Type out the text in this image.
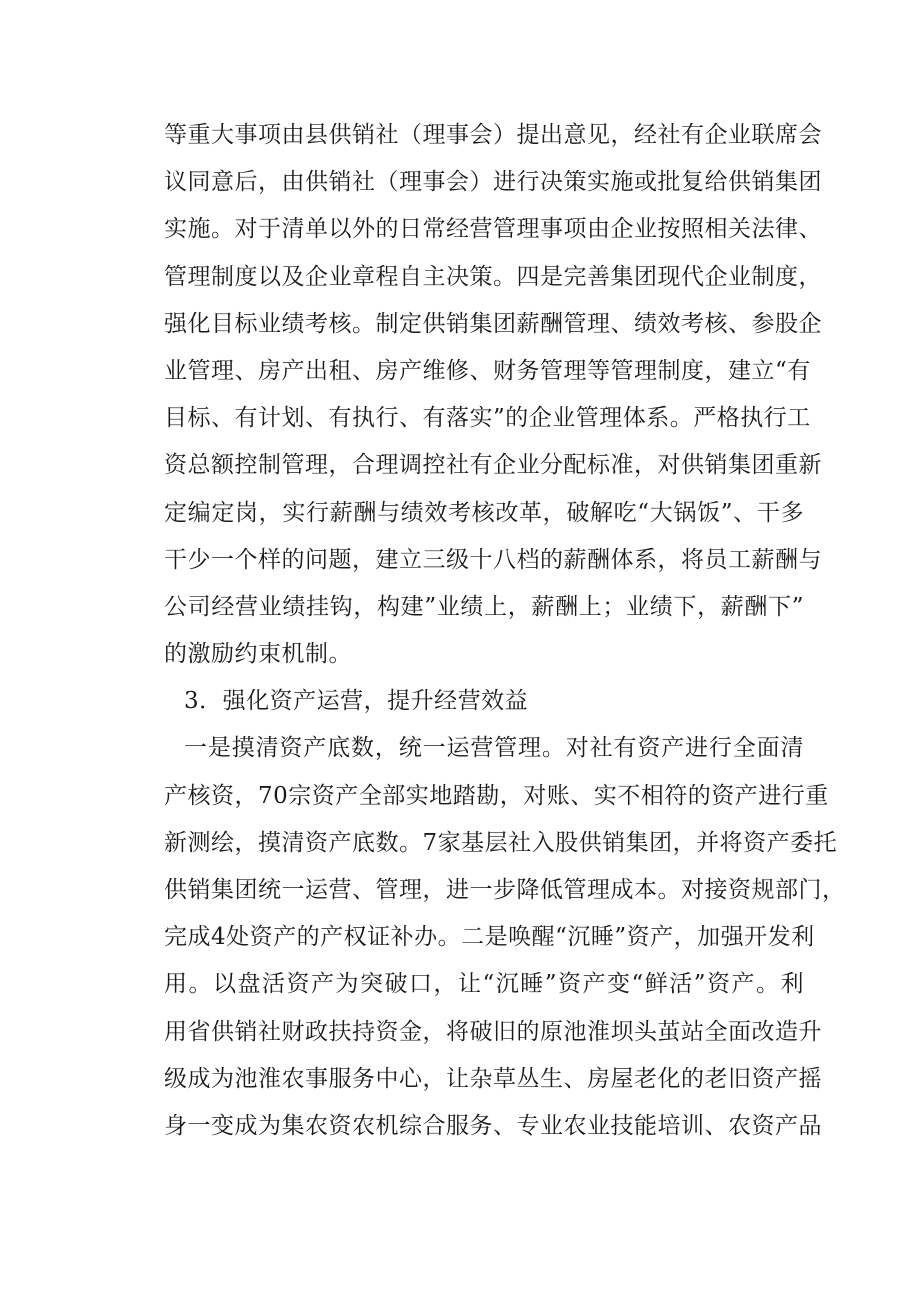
等重大事项由县供销社（理事会）提出意见，经社有企业联席会
议同意后，由供销社（理事会）进行决策实施或批复给供销集团
实施。对于清单以外的日常经营管理事项由企业按照相关法律、
管理制度以及企业章程自主决策。四是完善集团现代企业制度，
强化目标业绩考核。制定供销集团薪酬管理、绩效考核、参股企
业管理、房产出租、房产维修、财务管理等管理制度，建立“有
目标、有计划、有执行、有落实”的企业管理体系。严格执行工
资总额控制管理，合理调控社有企业分配标准，对供销集团重新
定编定岗，实行薪酬与绩效考核改革，破解吃“大锅饭”、干多
干少一个样的问题，建立三级十八档的薪酬体系，将员工薪酬与
公司经营业绩挂钩，构建”业绩上，薪酬上；业绩下，薪酬下”
的激励约束机制。
3．强化资产运营，提升经营效益
一是摸清资产底数，统一运营管理。对社有资产进行全面清
产核资，70宗资产全部实地踏勘，对账、实不相符的资产进行重
新测绘，摸清资产底数。7家基层社入股供销集团，并将资产委托
供销集团统一运营、管理，进一步降低管理成本。对接资规部门，
完成4处资产的产权证补办。二是唤醒“沉睡”资产，加强开发利
用。以盘活资产为突破口，让“沉睡”资产变“鲜活”资产。利
用省供销社财政扶持资金，将破旧的原池淮坝头茧站全面改造升
级成为池淮农事服务中心，让杂草丛生、房屋老化的老旧资产摇
身一变成为集农资农机综合服务、专业农业技能培训、农资产品
